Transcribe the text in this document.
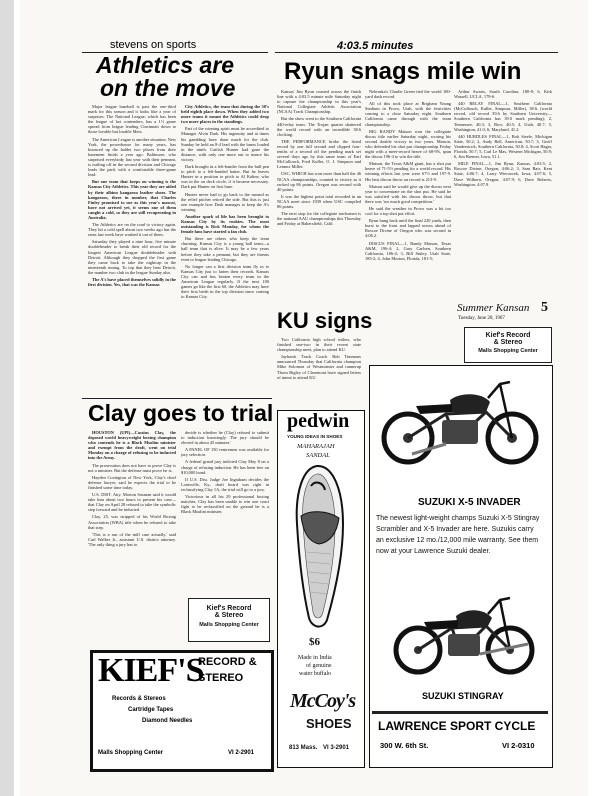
stevens on sports
Athletics are
on the move
4:03.5 minutes
Ryun snags mile win

Major league baseball is past the one-third mark for this season and it looks like a year of surprises. The National League, which has been the league of hot contenders, has a 1½ game spread from league leading Cincinnati down to those lovable but losable Mets.

The American League is another situation. New York, the powerhouse for many years, has bounced up the ladder two places from their basement finish a year ago. Baltimore, who surprised everybody last year with their pennant, is trailing off in the second division and Chicago leads the pack with a comfortable three-game lead.

But one team that keeps on winning is the Kansas City Athletics. This year they are aided by their albino kangaroo leather shoes. The kangaroos, three in number, that Charles Finley promised to use as this year's mascot, have not arrived yet, it seems one of them caught a cold, so they are still recuperating in Australia.

The Athletics are on the road to victory again. They hit a cold spell about two weeks ago but the rains last week have washed it out of them.

Saturday they played a nine hour, five minute doubleheader to break their old record for the longest American League doubleheader with Detroit. Although they dropped the first game they came back to take the nightcap in the nineteenth inning. To top that they beat Detroit, the number two club in the league Sunday also.

The A's have placed themselves solidly in the first division. Yes, that was the Kansas

City Athletics, the team that during the 50's held eighth place down. When they added two more teams it meant the Athletics could drop two more places in the standings.

Part of the winning spirit must be accredited to Manager Alvin Dark. His ingenuity and at times his gambling have done much for the club. Sunday he held an 8-4 lead with the bases loaded in the ninth. Catfish Hunter had gone the distance, with only one more out to insure his victory.

Dark brought in a left-hander from the bull pen to pitch to a left-handed batter. But he leaves Hunter in a position to pitch to Al Kaline, who was in the on deck circle, if it became necessary. Dark put Hunter on first base.

Hunter never had to go back to the mound as the relief pitcher retired the side. But this is just one example how Dark manages to keep the A's winning.

Another spark of life has been brought to Kansas City by its rookies. The most outstanding is Rick Monday, for whom the female fans have started a fan club.

But there are others who keep the team churning. Kansas City is a young ball team—a ball team that is alive. It may be a few years before they take a pennant, but they are threats even to league leading Chicago.

No longer can a first division team fly in to Kansas City just to fatten their records. Kansas City can and has beaten every team in the American League regularly. If the next 100 games go like the first 60, the Athletics may have their first berth in the top division since coming to Kansas City.

Kansas' Jim Ryun coasted across the finish line with a 4:03.5 minute mile Saturday night to capture the championship in this year's National Collegiate Athletic Association (NCAA) Track Championship.

But the show went to the Southern California 440-relay team. The Trojan quartet shattered the world record with an incredible 38.6 clocking.

THE PERFORMANCE broke the listed record by one full second and clipped four-tenths of a second off the pending mark set several days ago by this same team of Earl McCullouch, Fred Kuller, O. J. Simpson and Lennox Miller.

USC, WHICH has won more than half the 46 NCAA championships, counted to victory as it racked up 86 points. Oregon was second with 40 points.

It was the highest point total recorded in an NCAA meet since 1939 when USC compiled 86 points.

The next stop for the collegiate tracksmen is the national AAU championships this Thursday and Friday at Bakersfield, Calif.

Nebraska's Charlie Green tied the world 100-yard dash record.

All of this took place at Brigham Young Stadium in Provo, Utah, with the festivities coming to a close Saturday night. Southern California came through with the team championship.

BIG RANDY Matson won the collegiate discus title earlier Saturday night, scoring his second double victory in two years. Matson, who defended his shot put championship Friday night with a meet-record heave of 68-9⅞, spun the discus 196-4 to win the title.

Matson, the Texas A&M giant, has a shot put heave of 71-5½ pending for a world record. His winning efforts last year were 67½ and 197-9. His best discus throw on record is 213-9.

Matson said he would give up the discus next year to concentrate on the shot put. He said he was satisfied with his discus throw, but that there was 'too much good competition.'

He said the weather in Provo was a bit too cool for a top shot put effort.

Ryun hung back until the final 220 yards, then burst to the front and lapped across ahead of Roscoe Divine of Oregon who was second in 4:06.2.

DISCUS FINAL—1, Randy Matson, Texas A&M, 196-4; 2, Gary Carlsen, Southern California, 186-4; 3, Bill Stuley, Utah State, 185-2; 4, John Morton, Florida, 181-5;

Arthur Swarts, South Carolina, 180-8; 6, Kirk Wassell, UCLA, 179-6.

440 RELAY FINAL—1, Southern California (McCullouch, Kuller, Simpson, Miller), 38.6, (world record, old record 39.6 by Southern University—Southern California has 39.0 mark pending); 2, Tennessee, 40.3; 3, Rice, 40.5; 4, Utah, 40.7; 5, Washington, 41.0; 6, Maryland, 41.2.

440 HURDLES FINAL—1, Bob Steele, Michigan State, 50.2; 2, Andy Bell, American, 50.7; 3, Geoff Vanderstock, Southern California, 50.8; 4, Scott Hagar, Florida, 50.7; 5, Carl Le Mas, Western Michigan, 50.9; 6, Jim Bremer, Iowa, 51.1.

MILE FINAL—1, Jim Ryun, Kansas, 4:03.5; 2, Roscoe Divine, Oregon, 4:06.2; 3, Sam Bair, Kent State, 4:06.7; 4, Larry Wieczorek, Iowa, 4:07.6; 5, Dave Wilborn, Oregon, 4:07.9; 6, Dave Roberts, Washington, 4:07.9.

Summer Kansan 5
Tuesday, June 20, 1967
Kief's Record
& Stereo
Malls Shopping Center
KU signs

Two California high school milers, who finished one-two in their recent state championship meet, plan to attend KU.

Jayhawk Track Coach Bob Timmons announced Thursday that California champion Mike Solomon of Westminster and runnerup Thorn Bigley of Claremont have signed letters of intent to attend KU.

Clay goes to trial

HOUSTON (UPI)—Cassius Clay, the deposed world heavyweight boxing champion who contends he is a Black Muslim minister and exempt from the draft, went on trial Monday on a charge of refusing to be inducted into the Army.

The prosecution does not have to prove Clay is not a minister. But the defense must prove he is.

Hayden Covington of New York, Clay's chief defense lawyer, said he expects the trial to be finished some time today.

U.S. DIST. Atty. Morton Susman said it would take him about two hours to present his case—that Clay on April 28 refused to take the symbolic step forward and be inducted.

Clay, 25, was stripped of his World Boxing Association (WBA) title when he refused to take that step.

'This is a run of the mill case actually,' said Carl Walker Jr., assistant U.S. district attorney. 'The only thing a jury has to

decide is whether he (Clay) refused to submit to induction knowingly. The jury should be elected in about 45 minutes.'

A PANEL OF 150 veniremen was available for jury selection.

A federal grand jury indicted Clay May 8 on a charge of refusing induction. He has been free on $10,000 bond.

If U.S. Dist. Judge Joe Ingraham decides the Louisville, Ky., draft board was right in reclassifying Clay 1A, the trial will go to a jury.

Victorious in all his 29 professional boxing matches, Clay has been unable to win one court fight to be reclassified on the ground he is a Black Muslim minister.

Kief's Record
& Stereo
Malls Shopping Center
KIEF'S
RECORD &
STEREO
Records & Stereos
Cartridge Tapes
Diamond Needles
Malls Shopping Center	VI 2-2901
pedwin
YOUNG IDEAS IN SHOES
MAHARAJAH
SANDAL
$6
Made in India
of genuine
water buffalo
McCoy's
SHOES
813 Mass. VI 3-2901
SUZUKI X-5 INVADER
The newest light-weight champs Suzuki X-5 Stingray
Scrambler and X-5 Invader are here. Suzukis carry
an exclusive 12 mo./12,000 mile warranty. See them
now at your Lawrence Suzuki dealer.
SUZUKI STINGRAY
LAWRENCE SPORT CYCLE
300 W. 6th St.	VI 2-0310
